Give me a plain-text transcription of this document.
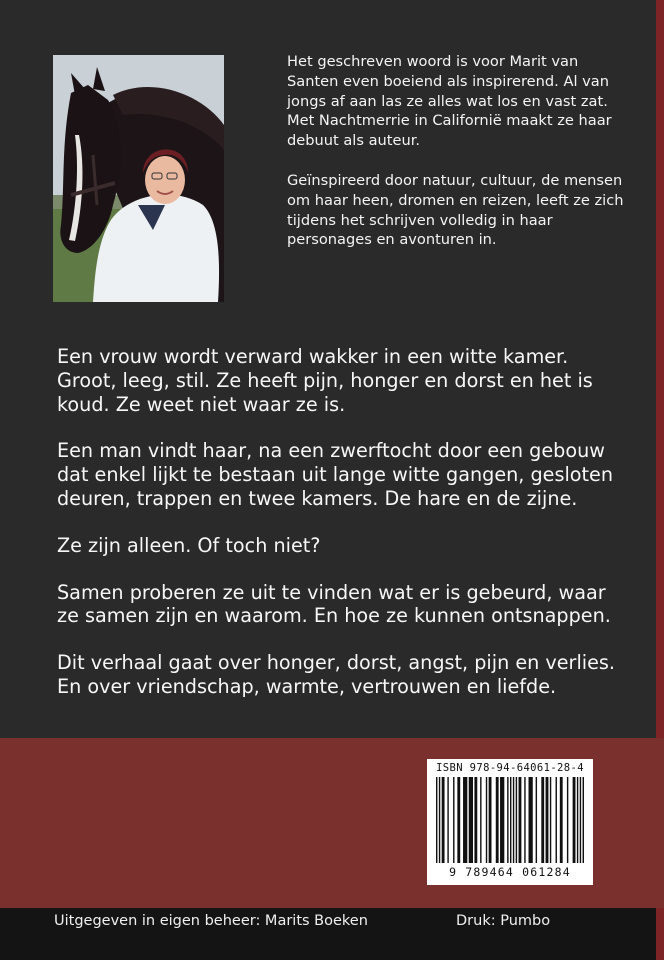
Het geschreven woord is voor Marit van Santen even boeiend als inspirerend. Al van jongs af aan las ze alles wat los en vast zat. Met Nachtmerrie in Californië maakt ze haar debuut als auteur.

Geïnspireerd door natuur, cultuur, de mensen om haar heen, dromen en reizen, leeft ze zich tijdens het schrijven volledig in haar personages en avonturen in.

Een vrouw wordt verward wakker in een witte kamer. Groot, leeg, stil. Ze heeft pijn, honger en dorst en het is koud. Ze weet niet waar ze is.

Een man vindt haar, na een zwerftocht door een gebouw dat enkel lijkt te bestaan uit lange witte gangen, gesloten deuren, trappen en twee kamers. De hare en de zijne.

Ze zijn alleen. Of toch niet?

Samen proberen ze uit te vinden wat er is gebeurd, waar ze samen zijn en waarom. En hoe ze kunnen ontsnappen.

Dit verhaal gaat over honger, dorst, angst, pijn en verlies. En over vriendschap, warmte, vertrouwen en liefde.

ISBN 978-94-64061-28-4
9 789464 061284
Uitgegeven in eigen beheer: Marits Boeken	Druk: Pumbo
